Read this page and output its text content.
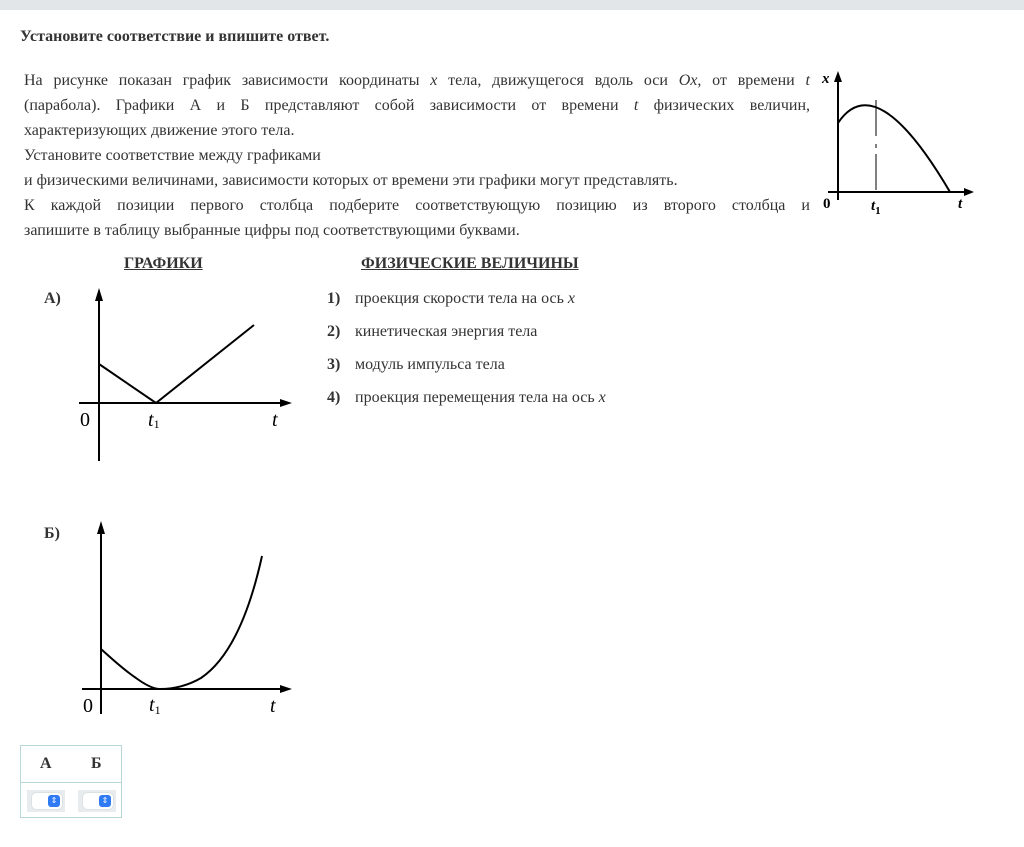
Установите соответствие и впишите ответ.

На рисунке показан график зависимости координаты x тела, движущегося вдоль оси Ox, от времени t

(парабола). Графики А и Б представляют собой зависимости от времени t физических величин,

характеризующих движение этого тела.

Установите соответствие между графиками

и физическими величинами, зависимости которых от времени эти графики могут представлять.

К каждой позиции первого столбца подберите соответствующую позицию из второго столбца и

запишите в таблицу выбранные цифры под соответствующими буквами.

x
0	$t_1$	t
ГРАФИКИ	ФИЗИЧЕСКИЕ ВЕЛИЧИНЫ
А)
0	t1	t
Б)
0	t1	t
1) проекция скорости тела на ось x
2) кинетическая энергия тела
3) модуль импульса тела
4) проекция перемещения тела на ось x
А Б
⇕	⇕
